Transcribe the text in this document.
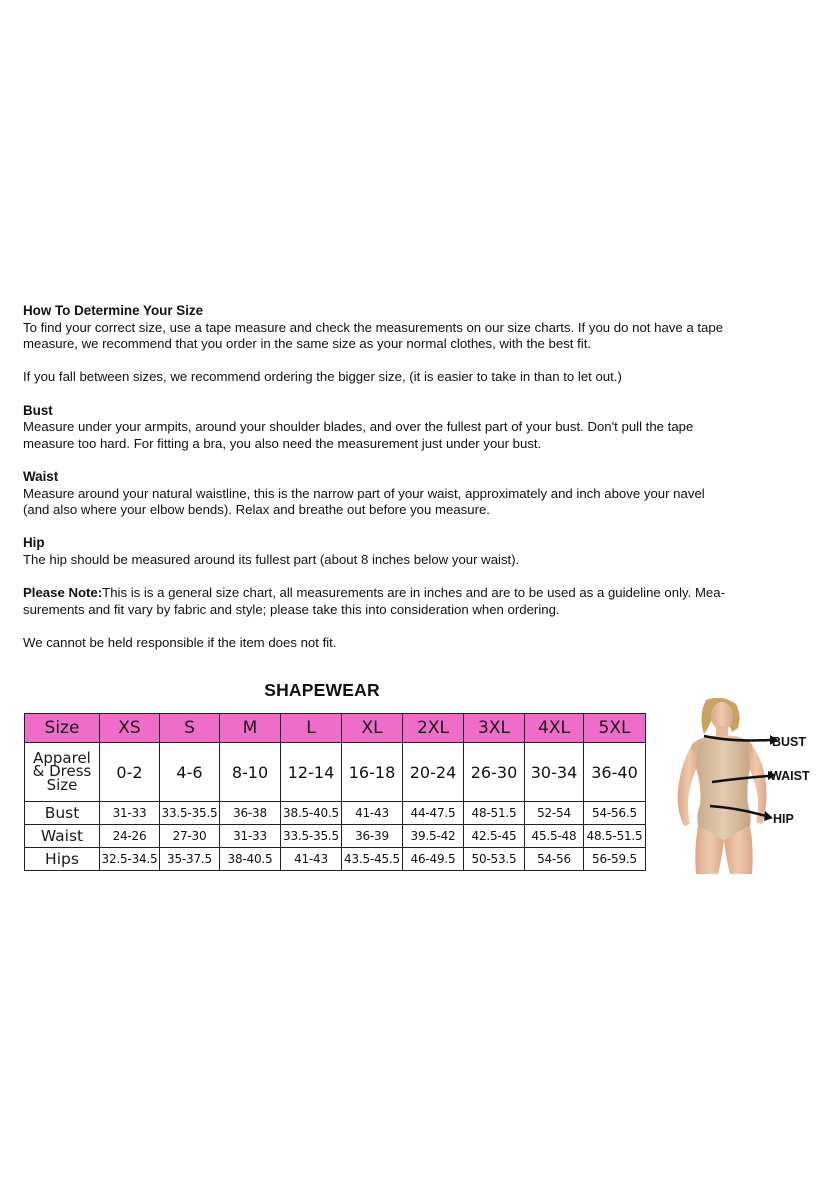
How To Determine Your Size

To find your correct size, use a tape measure and check the measurements on our size charts. If you do not have a tape

measure, we recommend that you order in the same size as your normal clothes, with the best fit.

If you fall between sizes, we recommend ordering the bigger size, (it is easier to take in than to let out.)

Bust

Measure under your armpits, around your shoulder blades, and over the fullest part of your bust. Don't pull the tape

measure too hard. For fitting a bra, you also need the measurement just under your bust.

Waist

Measure around your natural waistline, this is the narrow part of your waist, approximately and inch above your navel

(and also where your elbow bends). Relax and breathe out before you measure.

Hip

The hip should be measured around its fullest part (about 8 inches below your waist).

Please Note:This is is a general size chart, all measurements are in inches and are to be used as a guideline only. Mea-

surements and fit vary by fabric and style; please take this into consideration when ordering.

We cannot be held responsible if the item does not fit.

SHAPEWEAR
Size	XS	S	M	L	XL	2XL	3XL	4XL	5XL

Apparel
& Dress
Size	0-2	4-6	8-10	12-14	16-18	20-24	26-30	30-34	36-40
Bust	31-33	33.5-35.5	36-38	38.5-40.5	41-43	44-47.5	48-51.5	52-54	54-56.5
Waist	24-26	27-30	31-33	33.5-35.5	36-39	39.5-42	42.5-45	45.5-48	48.5-51.5
Hips	32.5-34.5	35-37.5	38-40.5	41-43	43.5-45.5	46-49.5	50-53.5	54-56	56-59.5
BUST
WAIST
HIP
